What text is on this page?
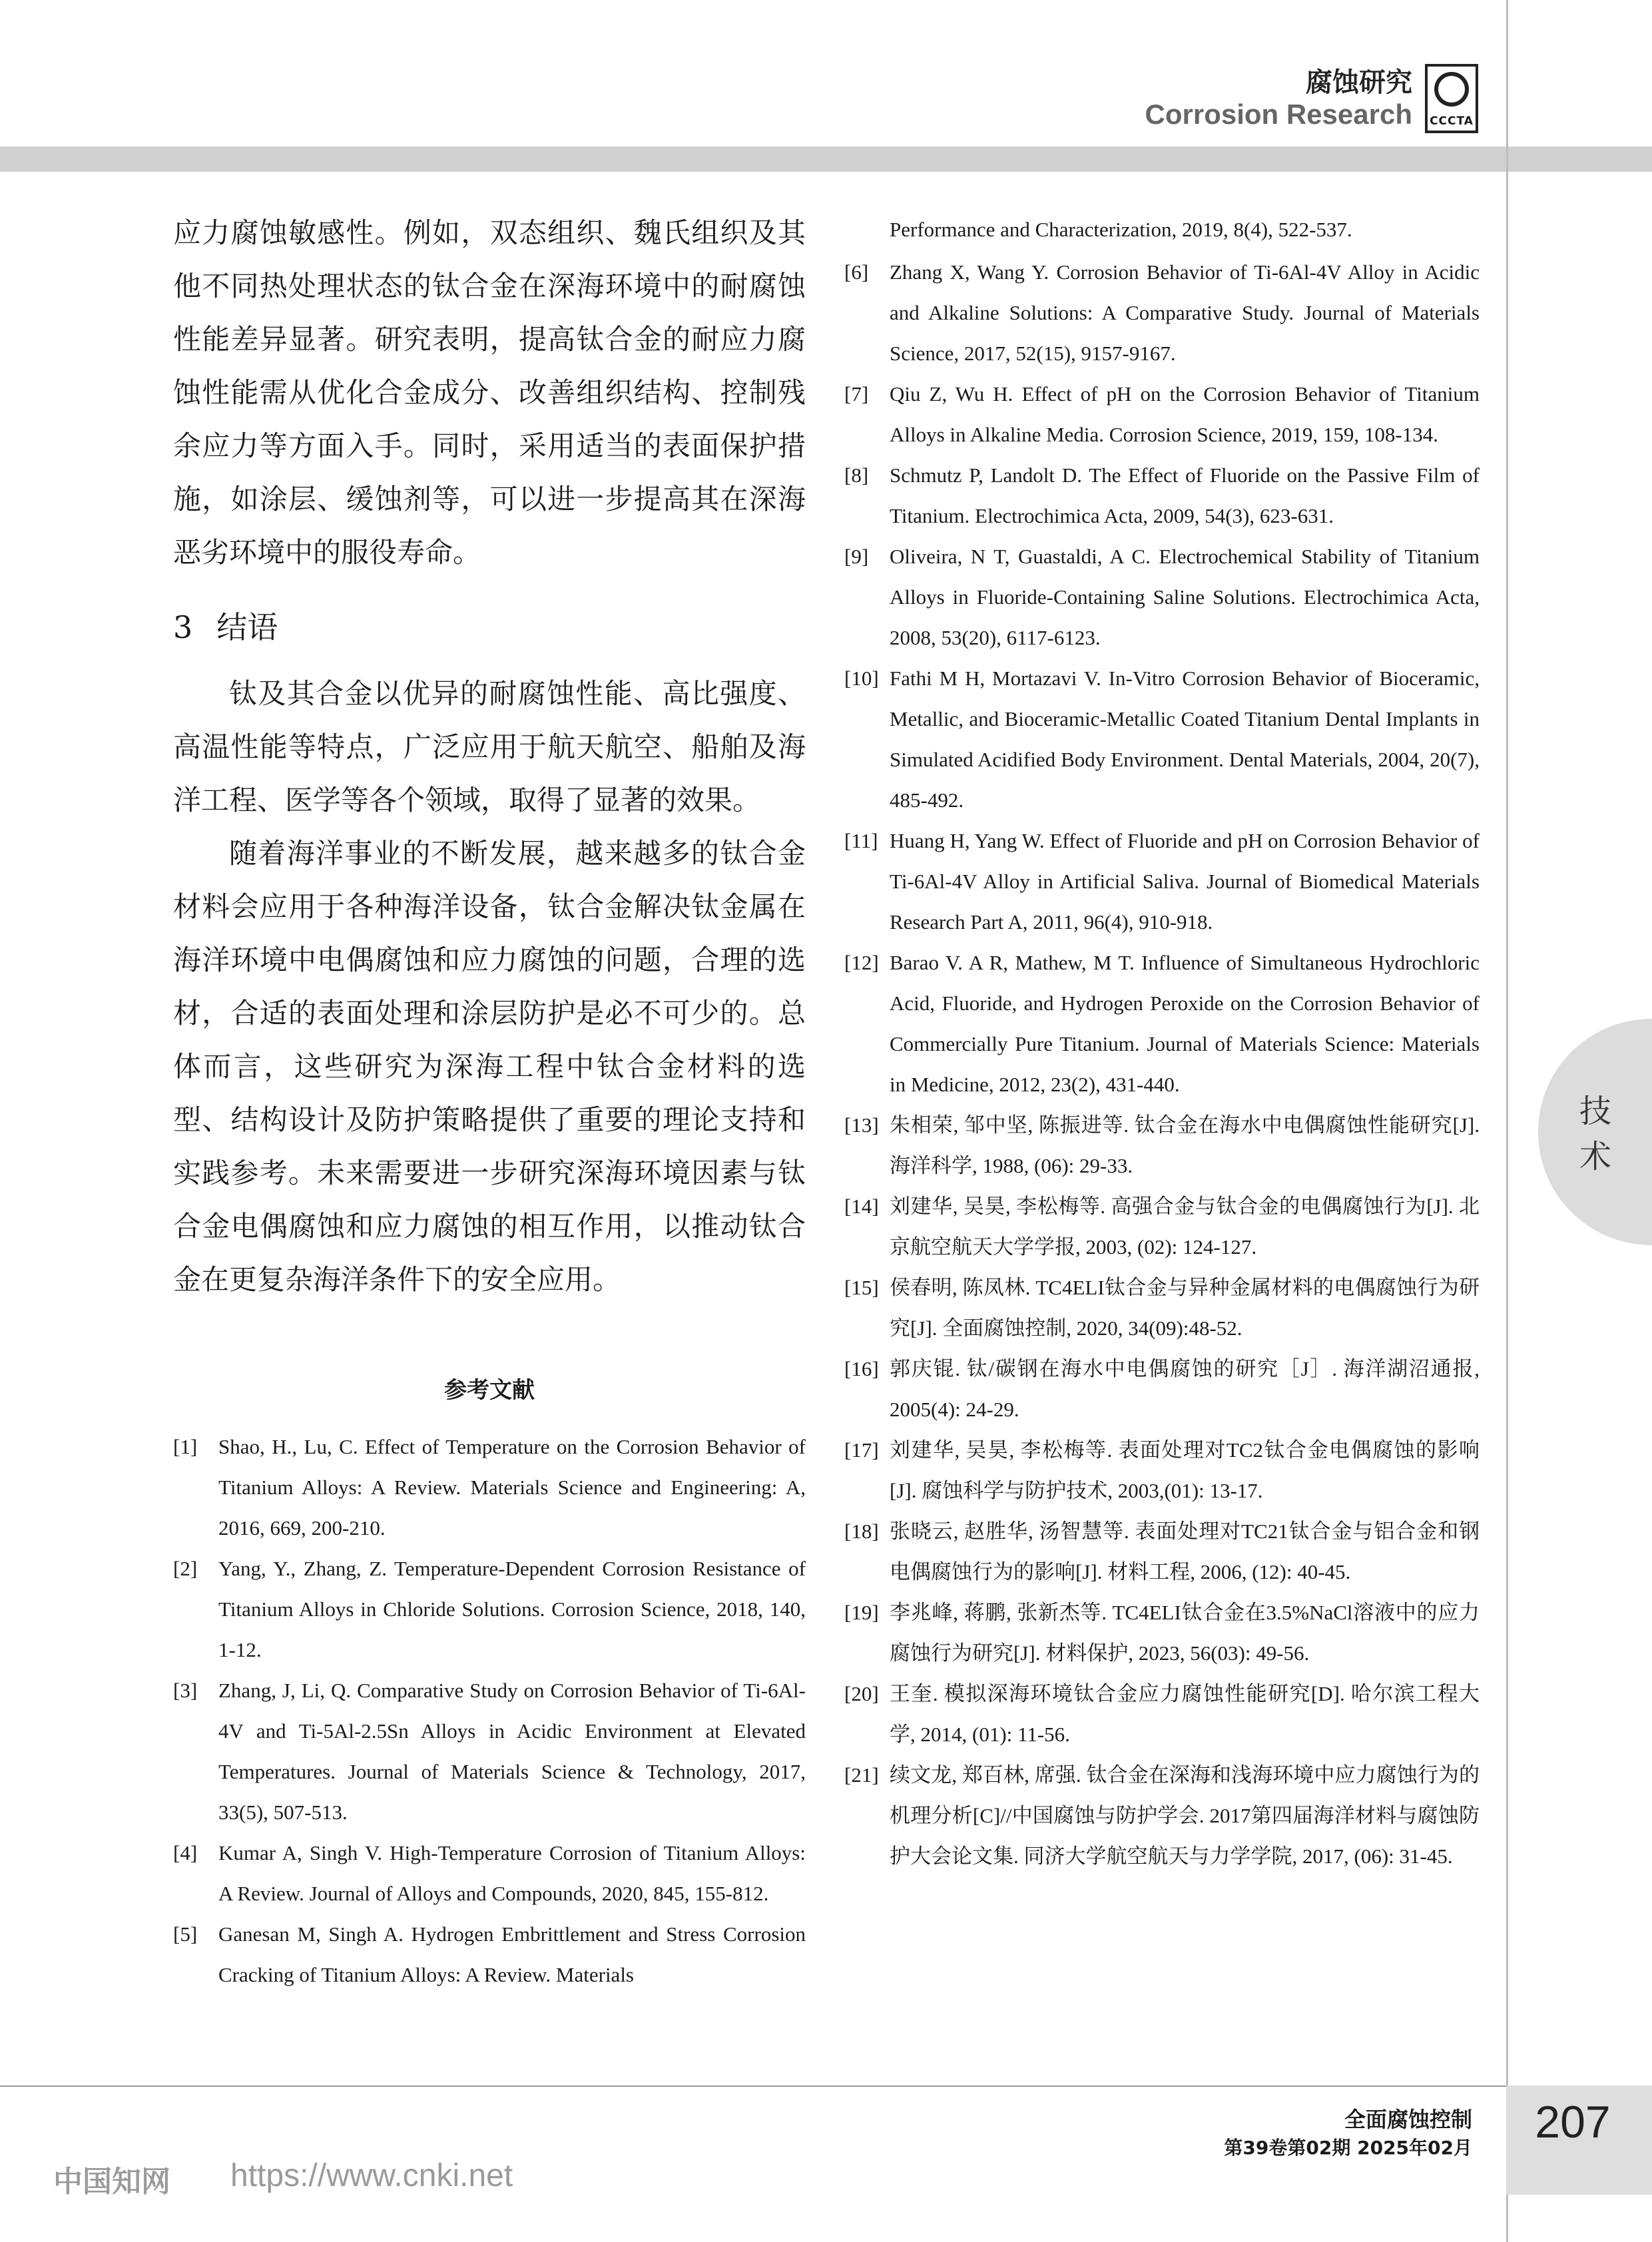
腐蚀研究
Corrosion Research CCCTA

应力腐蚀敏感性。例如，双态组织、魏氏组织及其他不同热处理状态的钛合金在深海环境中的耐腐蚀性能差异显著。研究表明，提高钛合金的耐应力腐蚀性能需从优化合金成分、改善组织结构、控制残余应力等方面入手。同时，采用适当的表面保护措施，如涂层、缓蚀剂等，可以进一步提高其在深海恶劣环境中的服役寿命。

3 结语

钛及其合金以优异的耐腐蚀性能、高比强度、高温性能等特点，广泛应用于航天航空、船舶及海洋工程、医学等各个领域，取得了显著的效果。

随着海洋事业的不断发展，越来越多的钛合金材料会应用于各种海洋设备，钛合金解决钛金属在海洋环境中电偶腐蚀和应力腐蚀的问题，合理的选材，合适的表面处理和涂层防护是必不可少的。总体而言，这些研究为深海工程中钛合金材料的选型、结构设计及防护策略提供了重要的理论支持和实践参考。未来需要进一步研究深海环境因素与钛合金电偶腐蚀和应力腐蚀的相互作用，以推动钛合金在更复杂海洋条件下的安全应用。

参考文献
[1] Shao, H., Lu, C. Effect of Temperature on the Corrosion Behavior of Titanium Alloys: A Review. Materials Science and Engineering: A, 2016, 669, 200-210.
[2] Yang, Y., Zhang, Z. Temperature-Dependent Corrosion Resistance of Titanium Alloys in Chloride Solutions. Corrosion Science, 2018, 140, 1-12.
[3] Zhang, J, Li, Q. Comparative Study on Corrosion Behavior of Ti-6Al-4V and Ti-5Al-2.5Sn Alloys in Acidic Environment at Elevated Temperatures. Journal of Materials Science & Technology, 2017, 33(5), 507-513.
[4] Kumar A, Singh V. High-Temperature Corrosion of Titanium Alloys: A Review. Journal of Alloys and Compounds, 2020, 845, 155-812.
[5] Ganesan M, Singh A. Hydrogen Embrittlement and Stress Corrosion Cracking of Titanium Alloys: A Review. Materials
Performance and Characterization, 2019, 8(4), 522-537.
[6] Zhang X, Wang Y. Corrosion Behavior of Ti-6Al-4V Alloy in Acidic and Alkaline Solutions: A Comparative Study. Journal of Materials Science, 2017, 52(15), 9157-9167.
[7] Qiu Z, Wu H. Effect of pH on the Corrosion Behavior of Titanium Alloys in Alkaline Media. Corrosion Science, 2019, 159, 108-134.
[8] Schmutz P, Landolt D. The Effect of Fluoride on the Passive Film of Titanium. Electrochimica Acta, 2009, 54(3), 623-631.
[9] Oliveira, N T, Guastaldi, A C. Electrochemical Stability of Titanium Alloys in Fluoride-Containing Saline Solutions. Electrochimica Acta, 2008, 53(20), 6117-6123.
[10] Fathi M H, Mortazavi V. In-Vitro Corrosion Behavior of Bioceramic, Metallic, and Bioceramic-Metallic Coated Titanium Dental Implants in Simulated Acidified Body Environment. Dental Materials, 2004, 20(7), 485-492.
[11] Huang H, Yang W. Effect of Fluoride and pH on Corrosion Behavior of Ti-6Al-4V Alloy in Artificial Saliva. Journal of Biomedical Materials Research Part A, 2011, 96(4), 910-918.
[12] Barao V. A R, Mathew, M T. Influence of Simultaneous Hydrochloric Acid, Fluoride, and Hydrogen Peroxide on the Corrosion Behavior of Commercially Pure Titanium. Journal of Materials Science: Materials in Medicine, 2012, 23(2), 431-440.
[13] 朱相荣, 邹中坚, 陈振进等. 钛合金在海水中电偶腐蚀性能研究[J]. 海洋科学, 1988, (06): 29-33.
[14] 刘建华, 吴昊, 李松梅等. 高强合金与钛合金的电偶腐蚀行为[J]. 北京航空航天大学学报, 2003, (02): 124-127.
[15] 侯春明, 陈凤林. TC4ELI钛合金与异种金属材料的电偶腐蚀行为研究[J]. 全面腐蚀控制, 2020, 34(09):48-52.
[16] 郭庆锟. 钛/碳钢在海水中电偶腐蚀的研究［J］. 海洋湖沼通报, 2005(4): 24-29.
[17] 刘建华, 吴昊, 李松梅等. 表面处理对TC2钛合金电偶腐蚀的影响[J]. 腐蚀科学与防护技术, 2003,(01): 13-17.
[18] 张晓云, 赵胜华, 汤智慧等. 表面处理对TC21钛合金与铝合金和钢电偶腐蚀行为的影响[J]. 材料工程, 2006, (12): 40-45.
[19] 李兆峰, 蒋鹏, 张新杰等. TC4ELI钛合金在3.5%NaCl溶液中的应力腐蚀行为研究[J]. 材料保护, 2023, 56(03): 49-56.
[20] 王奎. 模拟深海环境钛合金应力腐蚀性能研究[D]. 哈尔滨工程大学, 2014, (01): 11-56.
[21] 续文龙, 郑百林, 席强. 钛合金在深海和浅海环境中应力腐蚀行为的机理分析[C]//中国腐蚀与防护学会. 2017第四届海洋材料与腐蚀防护大会论文集. 同济大学航空航天与力学学院, 2017, (06): 31-45.
技
术
全面腐蚀控制
第39卷第02期 2025年02月
207
中国知网 https://www.cnki.net
